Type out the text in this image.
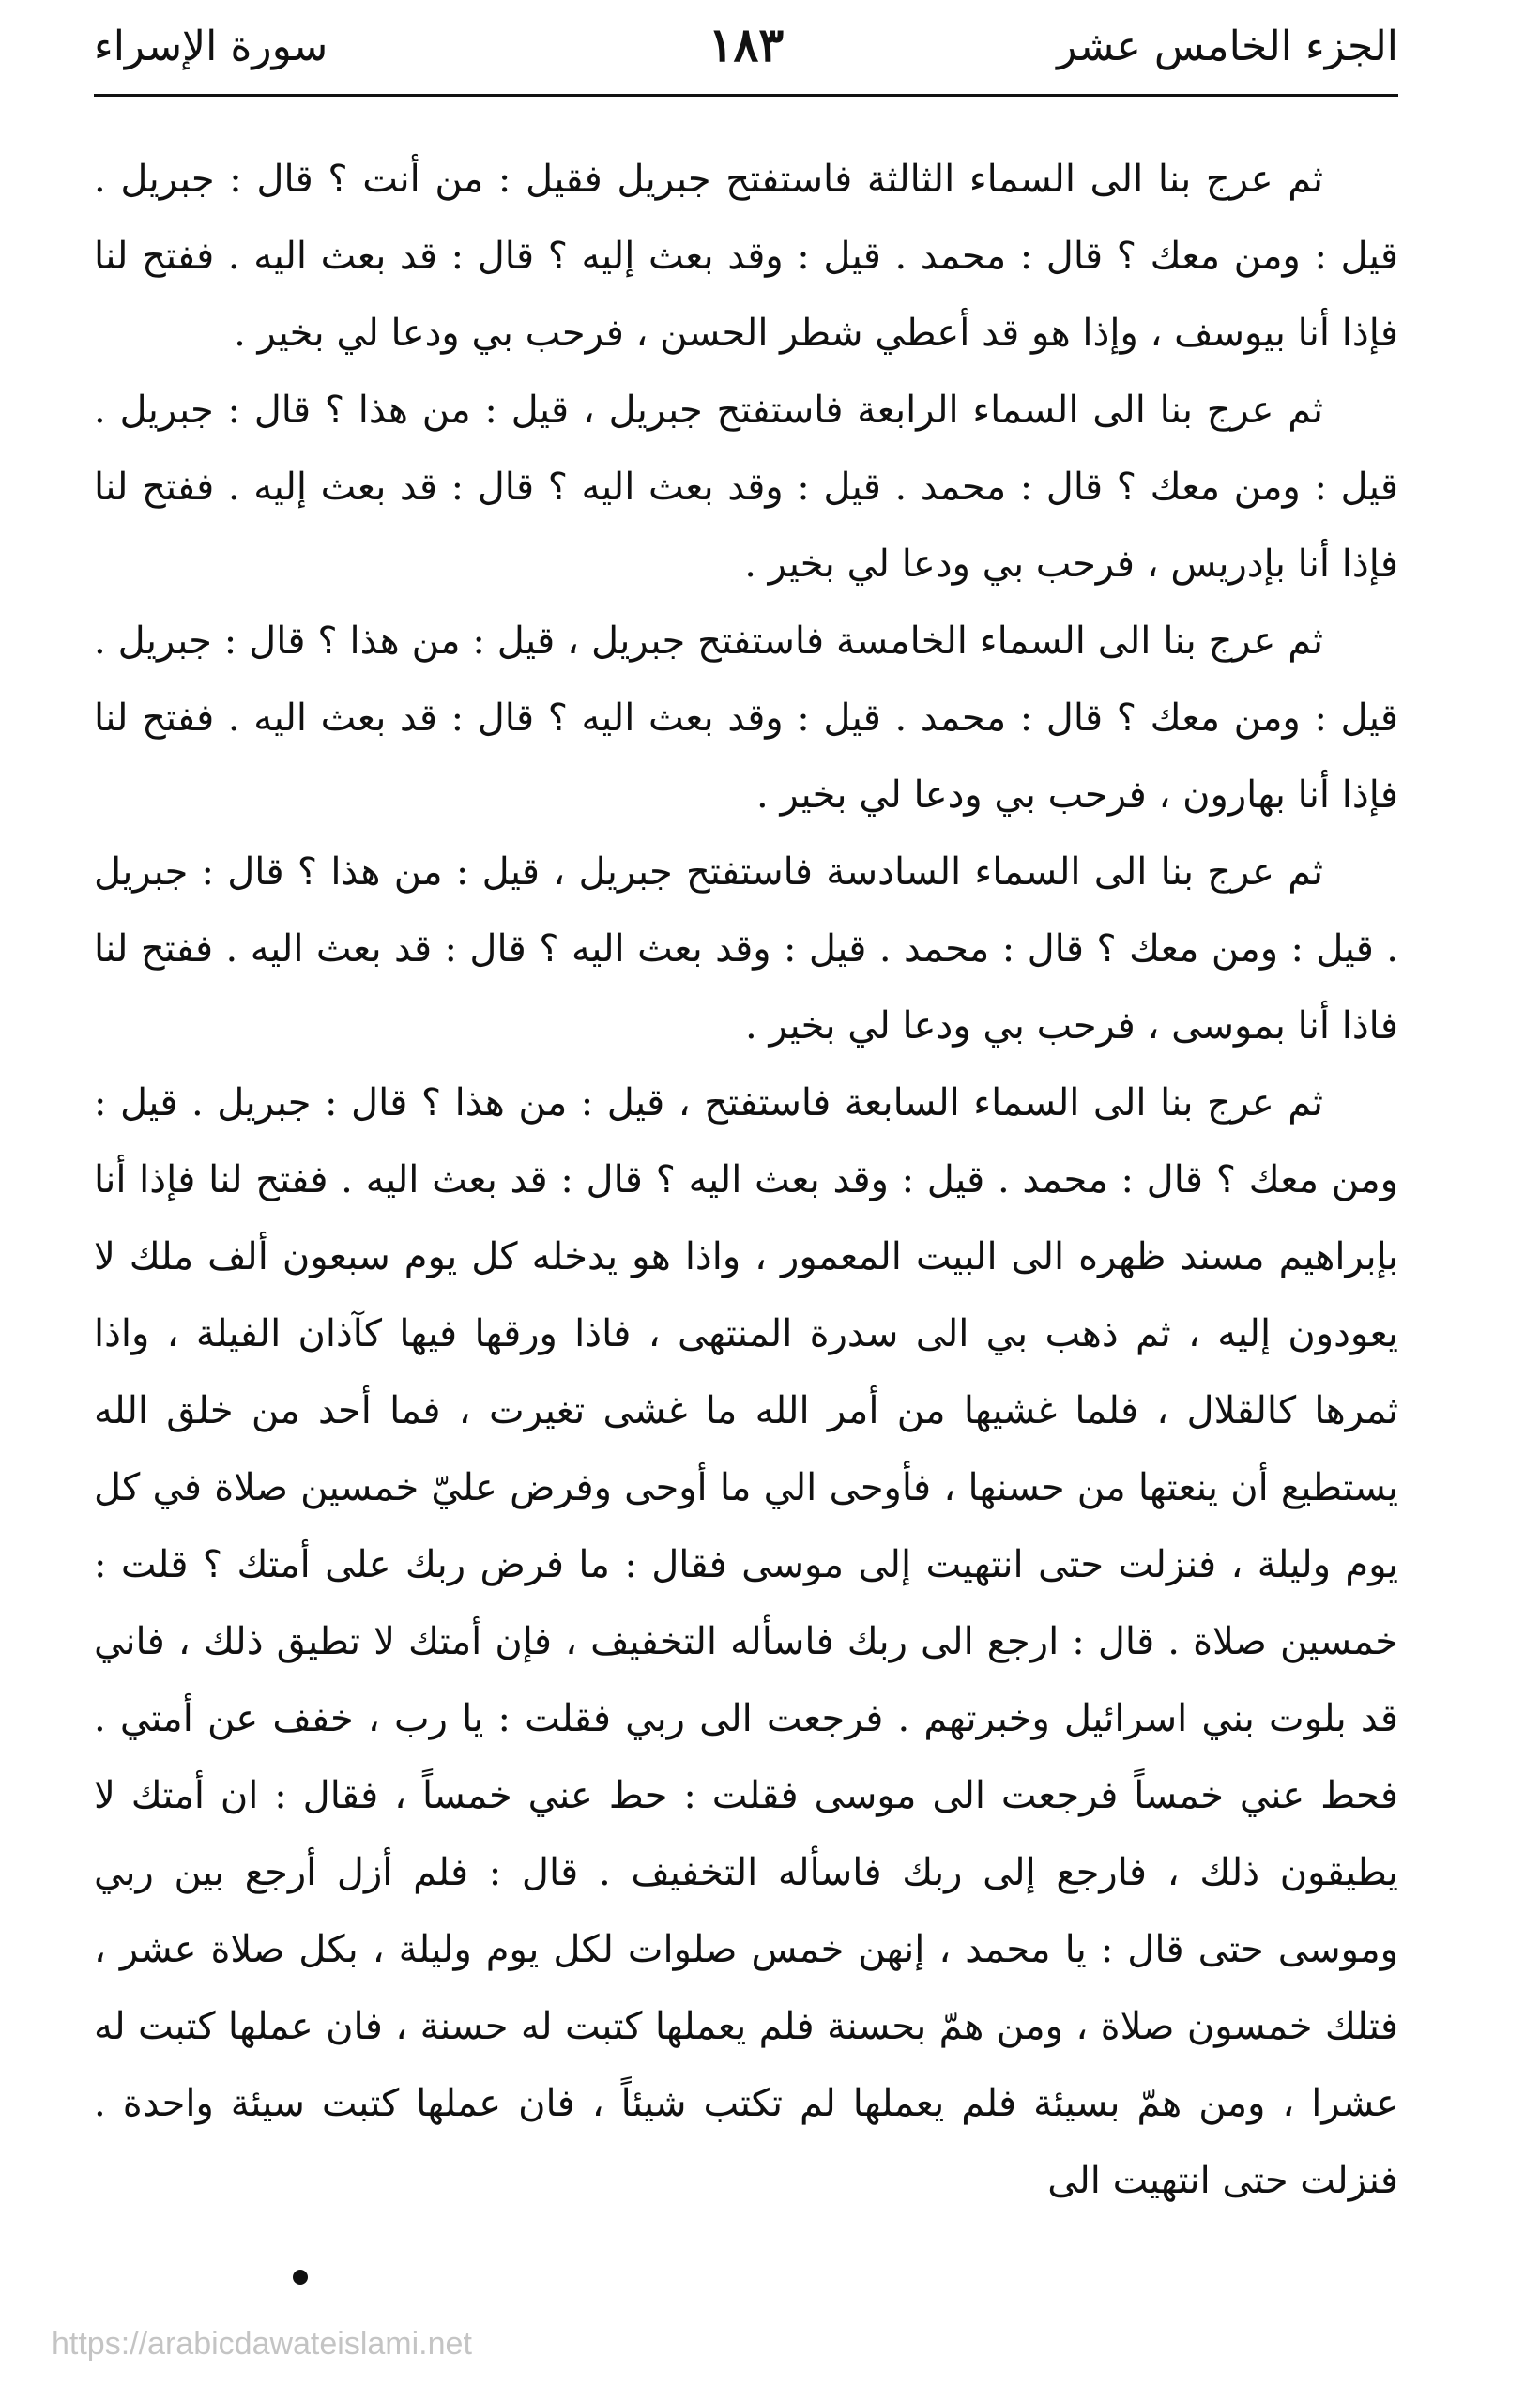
الجزء الخامس عشر
١٨٣
سورة الإسراء

ثم عرج بنا الى السماء الثالثة فاستفتح جبريل فقيل : من أنت ؟ قال : جبريل . قيل : ومن معك ؟ قال : محمد . قيل : وقد بعث إليه ؟ قال : قد بعث اليه . ففتح لنا فإذا أنا بيوسف ، وإذا هو قد أعطي شطر الحسن ، فرحب بي ودعا لي بخير .

ثم عرج بنا الى السماء الرابعة فاستفتح جبريل ، قيل : من هذا ؟ قال : جبريل . قيل : ومن معك ؟ قال : محمد . قيل : وقد بعث اليه ؟ قال : قد بعث إليه . ففتح لنا فإذا أنا بإدريس ، فرحب بي ودعا لي بخير .

ثم عرج بنا الى السماء الخامسة فاستفتح جبريل ، قيل : من هذا ؟ قال : جبريل . قيل : ومن معك ؟ قال : محمد . قيل : وقد بعث اليه ؟ قال : قد بعث اليه . ففتح لنا فإذا أنا بهارون ، فرحب بي ودعا لي بخير .

ثم عرج بنا الى السماء السادسة فاستفتح جبريل ، قيل : من هذا ؟ قال : جبريل . قيل : ومن معك ؟ قال : محمد . قيل : وقد بعث اليه ؟ قال : قد بعث اليه . ففتح لنا فاذا أنا بموسى ، فرحب بي ودعا لي بخير .

ثم عرج بنا الى السماء السابعة فاستفتح ، قيل : من هذا ؟ قال : جبريل . قيل : ومن معك ؟ قال : محمد . قيل : وقد بعث اليه ؟ قال : قد بعث اليه . ففتح لنا فإذا أنا بإبراهيم مسند ظهره الى البيت المعمور ، واذا هو يدخله كل يوم سبعون ألف ملك لا يعودون إليه ، ثم ذهب بي الى سدرة المنتهى ، فاذا ورقها فيها كآذان الفيلة ، واذا ثمرها كالقلال ، فلما غشيها من أمر الله ما غشى تغيرت ، فما أحد من خلق الله يستطيع أن ينعتها من حسنها ، فأوحى الي ما أوحى وفرض عليّ خمسين صلاة في كل يوم وليلة ، فنزلت حتى انتهيت إلى موسى فقال : ما فرض ربك على أمتك ؟ قلت : خمسين صلاة . قال : ارجع الى ربك فاسأله التخفيف ، فإن أمتك لا تطيق ذلك ، فاني قد بلوت بني اسرائيل وخبرتهم . فرجعت الى ربي فقلت : يا رب ، خفف عن أمتي . فحط عني خمساً فرجعت الى موسى فقلت : حط عني خمساً ، فقال : ان أمتك لا يطيقون ذلك ، فارجع إلى ربك فاسأله التخفيف . قال : فلم أزل أرجع بين ربي وموسى حتى قال : يا محمد ، إنهن خمس صلوات لكل يوم وليلة ، بكل صلاة عشر ، فتلك خمسون صلاة ، ومن همّ بحسنة فلم يعملها كتبت له حسنة ، فان عملها كتبت له عشرا ، ومن همّ بسيئة فلم يعملها لم تكتب شيئاً ، فان عملها كتبت سيئة واحدة . فنزلت حتى انتهيت الى

https://arabicdawateislami.net
